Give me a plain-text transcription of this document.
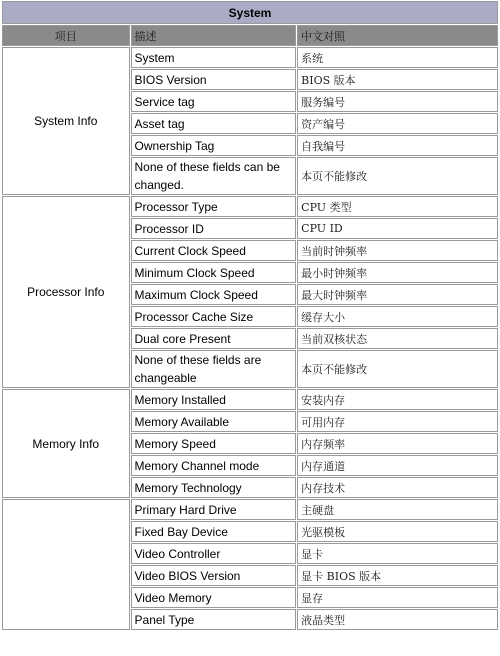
System		
项目	描述	中文对照
System Info	System	系统
	BIOS Version	BIOS 版本
	Service tag	服务编号
	Asset tag	资产编号
	Ownership Tag	自我编号
	None of these fields can be changed.	本页不能修改
Processor Info	Processor Type	CPU 类型
	Processor ID	CPU ID
	Current Clock Speed	当前时钟频率
	Minimum Clock Speed	最小时钟频率
	Maximum Clock Speed	最大时钟频率
	Processor Cache Size	缓存大小
	Dual core Present	当前双核状态
	None of these fields are changeable	本页不能修改
Memory Info	Memory Installed	安装内存
	Memory Available	可用内存
	Memory Speed	内存频率
	Memory Channel mode	内存通道
	Memory Technology	内存技术
	Primary Hard Drive	主硬盘
	Fixed Bay Device	光驱模板
	Video Controller	显卡
	Video BIOS Version	显卡 BIOS 版本
	Video Memory	显存
	Panel Type	液晶类型
